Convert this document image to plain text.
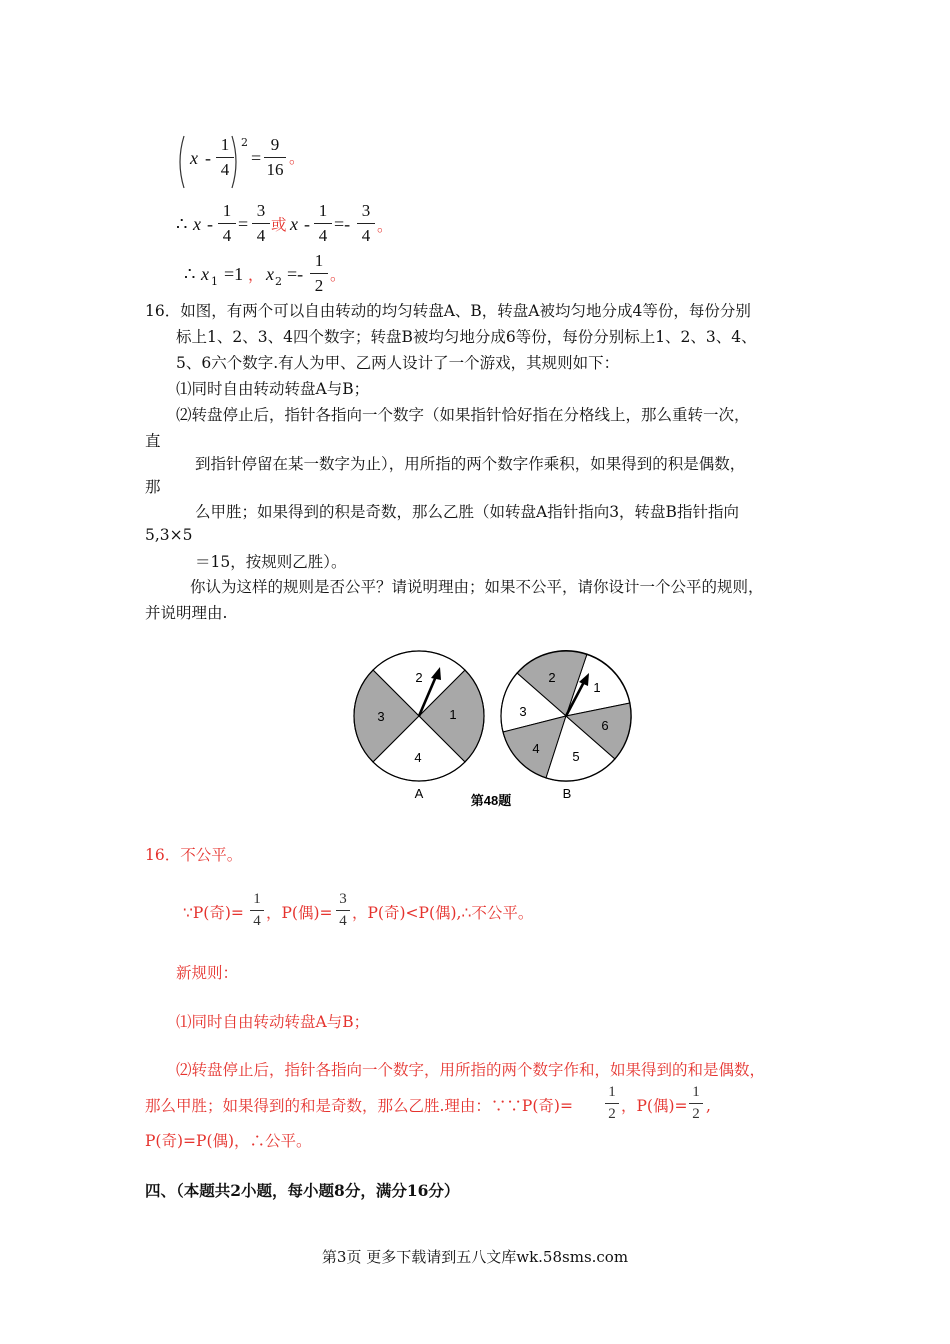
x -
1
4
2
=
9
16
。
∴ x -
1
4
=
3
4
或 x -
1
4
=-
3
4 。
∴ x 1 =1 ， x 2 =-
1
2
。
16．如图，有两个可以自由转动的均匀转盘A、B，转盘A被均匀地分成4等份，每份分别
标上1、2、3、4四个数字；转盘B被均匀地分成6等份，每份分别标上1、2、3、4、
5、6六个数字.有人为甲、乙两人设计了一个游戏，其规则如下：
⑴同时自由转动转盘A与B；
⑵转盘停止后，指针各指向一个数字（如果指针恰好指在分格线上，那么重转一次，
直
到指针停留在某一数字为止），用所指的两个数字作乘积，如果得到的积是偶数，
那
么甲胜；如果得到的积是奇数，那么乙胜（如转盘A指针指向3，转盘B指针指向
5,3×5
＝15，按规则乙胜）。
你认为这样的规则是否公平？请说明理由；如果不公平，请你设计一个公平的规则，
并说明理由.
1
2
3
4
A
1
2
3
4
5
6
B
第48题
16．不公平。
∵P(奇)=
1
4 ，P(偶)=
3
4 ，P(奇)<P(偶),∴不公平。
新规则：
⑴同时自由转动转盘A与B；
⑵转盘停止后，指针各指向一个数字，用所指的两个数字作和，如果得到的和是偶数，
那么甲胜；如果得到的和是奇数，那么乙胜.理由：∵∵P(奇)=
1
2 ，P(偶)=
1
2 ,
P(奇)=P(偶)，∴公平。
四、（本题共2小题，每小题8分，满分16分）
第3页 更多下载请到五八文库wk.58sms.com
